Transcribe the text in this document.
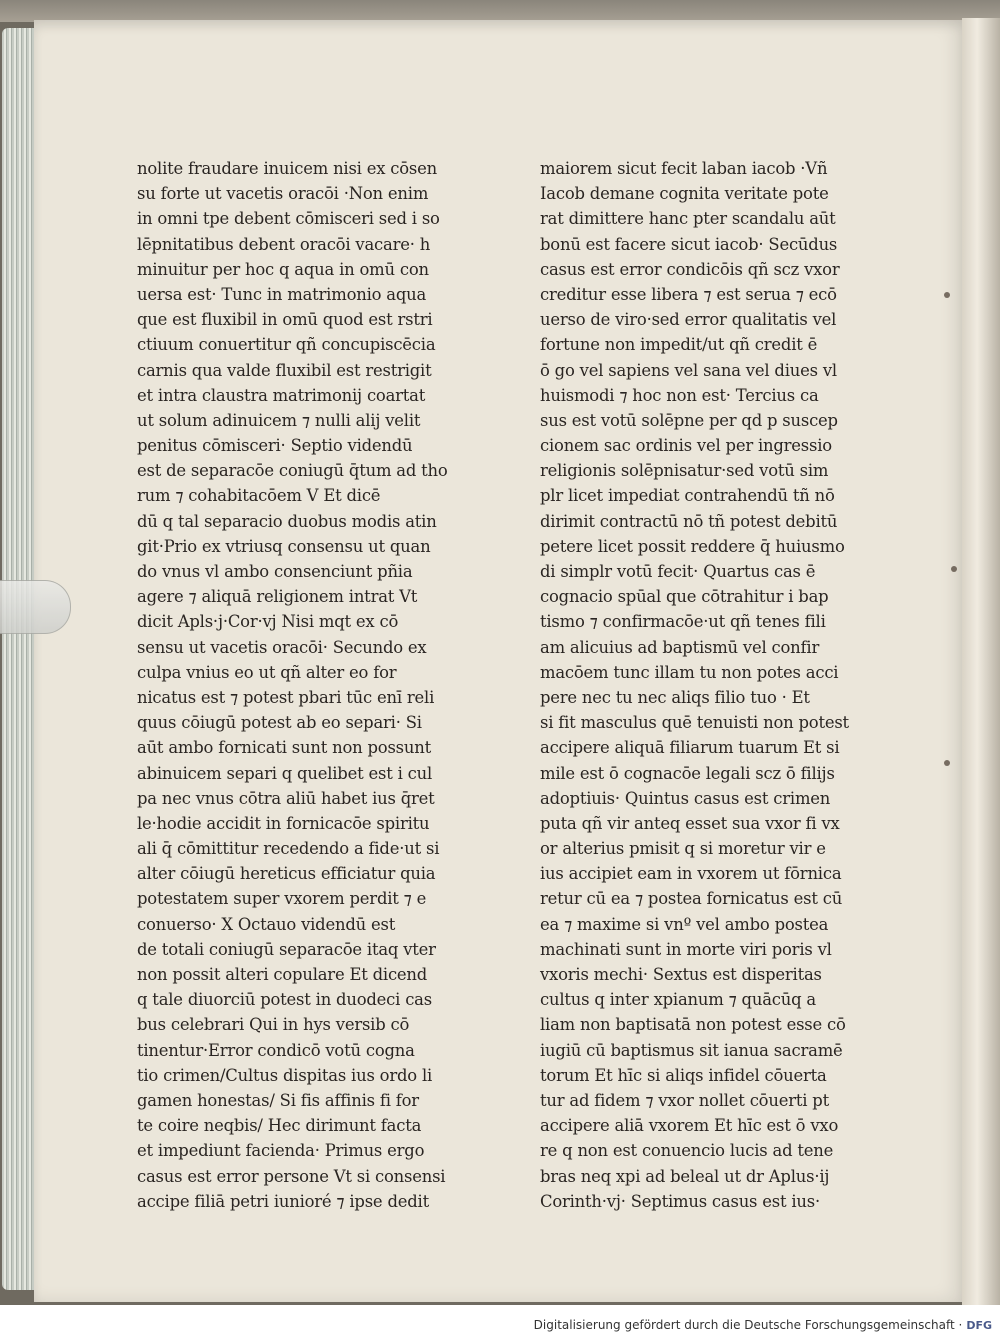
nolite fraudare inuicem nisi ex cōsen
su forte ut vacetis oracōi ·Non enim
in omni tpe debent cōmisceri sed i so
lēpnitatibus debent oracōi vacare· h
minuitur per hoc q aqua in omū con
uersa est· Tunc in matrimonio aqua
que est fluxibil in omū quod est rstri
ctiuum conuertitur qñ concupiscēcia
carnis qua valde fluxibil est restrigit
et intra claustra matrimonij coartat
ut solum adinuicem ⁊ nulli alij velit
penitus cōmisceri· Septio videndū
est de separacōe coniugū q̄tum ad tho
rum ⁊ cohabitacōem V Et dicē
dū q tal separacio duobus modis atin
git·Prio ex vtriusq consensu ut quan
do vnus vl ambo consenciunt pñia
agere ⁊ aliquā religionem intrat Vt
dicit Apls·j·Cor·vj Nisi mqt ex cō
sensu ut vacetis oracōi· Secundo ex
culpa vnius eo ut qñ alter eo for
nicatus est ⁊ potest pbari tūc enī reli
quus cōiugū potest ab eo separi· Si
aūt ambo fornicati sunt non possunt
abinuicem separi q quelibet est i cul
pa nec vnus cōtra aliū habet ius q̄ret
le·hodie accidit in fornicacōe spiritu
ali q̄ cōmittitur recedendo a fide·ut si
alter cōiugū hereticus efficiatur quia
potestatem super vxorem perdit ⁊ e
conuerso· X Octauo videndū est
de totali coniugū separacōe itaq vter
non possit alteri copulare Et dicend
q tale diuorciū potest in duodeci cas
bus celebrari Qui in hys versib cō
tinentur·Error condicō votū cogna
tio crimen/Cultus dispitas ius ordo li
gamen honestas/ Si fis affinis fi for
te coire neqbis/ Hec dirimunt facta
et impediunt facienda· Primus ergo
casus est error persone Vt si consensi
accipe filiā petri iunioré ⁊ ipse dedit
maiorem sicut fecit laban iacob ·Vñ
Iacob demane cognita veritate pote
rat dimittere hanc pter scandalu aūt
bonū est facere sicut iacob· Secūdus
casus est error condicōis qñ scz vxor
creditur esse libera ⁊ est serua ⁊ ecō
uerso de viro·sed error qualitatis vel
fortune non impedit/ut qñ credit ē
ō go vel sapiens vel sana vel diues vl
huismodi ⁊ hoc non est· Tercius ca
sus est votū solēpne per qd p suscep
cionem sac ordinis vel per ingressio
religionis solēpnisatur·sed votū sim
plr licet impediat contrahendū tñ nō
dirimit contractū nō tñ potest debitū
petere licet possit reddere q̄ huiusmo
di simplr votū fecit· Quartus cas ē
cognacio spūal que cōtrahitur i bap
tismo ⁊ confirmacōe·ut qñ tenes fili
am alicuius ad baptismū vel confir
macōem tunc illam tu non potes acci
pere nec tu nec aliqs filio tuo · Et
si fit masculus quē tenuisti non potest
accipere aliquā filiarum tuarum Et si
mile est ō cognacōe legali scz ō filijs
adoptiuis· Quintus casus est crimen
puta qñ vir anteq esset sua vxor fi vx
or alterius pmisit q si moretur vir e
ius accipiet eam in vxorem ut fōrnica
retur cū ea ⁊ postea fornicatus est cū
ea ⁊ maxime si vnº vel ambo postea
machinati sunt in morte viri poris vl
vxoris mechi· Sextus est disperitas
cultus q inter xpianum ⁊ quācūq a
liam non baptisatā non potest esse cō
iugiū cū baptismus sit ianua sacramē
torum Et hīc si aliqs infidel cōuerta
tur ad fidem ⁊ vxor nollet cōuerti pt
accipere aliā vxorem Et hīc est ō vxo
re q non est conuencio lucis ad tene
bras neq xpi ad beleal ut dr Aplus·ij
Corinth·vj· Septimus casus est ius·
Digitalisierung gefördert durch die Deutsche Forschungsgemeinschaft · DFG
